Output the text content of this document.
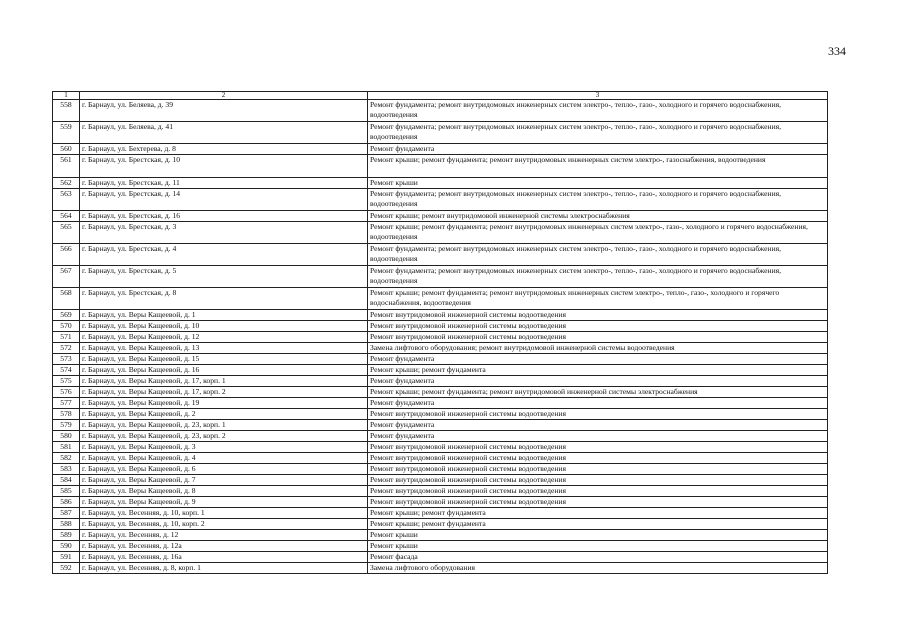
334
1	2	3
558	г. Барнаул, ул. Беляева, д. 39	Ремонт фундамента; ремонт внутридомовых инженерных систем электро-, тепло-, газо-, холодного и горячего водоснабжения, водоотведения
559	г. Барнаул, ул. Беляева, д. 41	Ремонт фундамента; ремонт внутридомовых инженерных систем электро-, тепло-, газо-, холодного и горячего водоснабжения, водоотведения
560	г. Барнаул, ул. Бехтерева, д. 8	Ремонт фундамента
561	г. Барнаул, ул. Брестская, д. 10	Ремонт крыши; ремонт фундамента; ремонт внутридомовых инженерных систем электро-, газоснабжения, водоотведения
562	г. Барнаул, ул. Брестская, д. 11	Ремонт крыши
563	г. Барнаул, ул. Брестская, д. 14	Ремонт фундамента; ремонт внутридомовых инженерных систем электро-, тепло-, газо-, холодного и горячего водоснабжения, водоотведения
564	г. Барнаул, ул. Брестская, д. 16	Ремонт крыши; ремонт внутридомовой инженерной системы электроснабжения
565	г. Барнаул, ул. Брестская, д. 3	Ремонт крыши; ремонт фундамента; ремонт внутридомовых инженерных систем электро-, газо-, холодного и горячего водоснабжения, водоотведения
566	г. Барнаул, ул. Брестская, д. 4	Ремонт фундамента; ремонт внутридомовых инженерных систем электро-, тепло-, газо-, холодного и горячего водоснабжения, водоотведения
567	г. Барнаул, ул. Брестская, д. 5	Ремонт фундамента; ремонт внутридомовых инженерных систем электро-, тепло-, газо-, холодного и горячего водоснабжения, водоотведения
568	г. Барнаул, ул. Брестская, д. 8	Ремонт крыши; ремонт фундамента; ремонт внутридомовых инженерных систем электро-, тепло-, газо-, холодного и горячего водоснабжения, водоотведения
569	г. Барнаул, ул. Веры Кащеевой, д. 1	Ремонт внутридомовой инженерной системы водоотведения
570	г. Барнаул, ул. Веры Кащеевой, д. 10	Ремонт внутридомовой инженерной системы водоотведения
571	г. Барнаул, ул. Веры Кащеевой, д. 12	Ремонт внутридомовой инженерной системы водоотведения
572	г. Барнаул, ул. Веры Кащеевой, д. 13	Замена лифтового оборудования; ремонт внутридомовой инженерной системы водоотведения
573	г. Барнаул, ул. Веры Кащеевой, д. 15	Ремонт фундамента
574	г. Барнаул, ул. Веры Кащеевой, д. 16	Ремонт крыши; ремонт фундамента
575	г. Барнаул, ул. Веры Кащеевой, д. 17, корп. 1	Ремонт фундамента
576	г. Барнаул, ул. Веры Кащеевой, д. 17, корп. 2	Ремонт крыши; ремонт фундамента; ремонт внутридомовой инженерной системы электроснабжения
577	г. Барнаул, ул. Веры Кащеевой, д. 19	Ремонт фундамента
578	г. Барнаул, ул. Веры Кащеевой, д. 2	Ремонт внутридомовой инженерной системы водоотведения
579	г. Барнаул, ул. Веры Кащеевой, д. 23, корп. 1	Ремонт фундамента
580	г. Барнаул, ул. Веры Кащеевой, д. 23, корп. 2	Ремонт фундамента
581	г. Барнаул, ул. Веры Кащеевой, д. 3	Ремонт внутридомовой инженерной системы водоотведения
582	г. Барнаул, ул. Веры Кащеевой, д. 4	Ремонт внутридомовой инженерной системы водоотведения
583	г. Барнаул, ул. Веры Кащеевой, д. 6	Ремонт внутридомовой инженерной системы водоотведения
584	г. Барнаул, ул. Веры Кащеевой, д. 7	Ремонт внутридомовой инженерной системы водоотведения
585	г. Барнаул, ул. Веры Кащеевой, д. 8	Ремонт внутридомовой инженерной системы водоотведения
586	г. Барнаул, ул. Веры Кащеевой, д. 9	Ремонт внутридомовой инженерной системы водоотведения
587	г. Барнаул, ул. Весенняя, д. 10, корп. 1	Ремонт крыши; ремонт фундамента
588	г. Барнаул, ул. Весенняя, д. 10, корп. 2	Ремонт крыши; ремонт фундамента
589	г. Барнаул, ул. Весенняя, д. 12	Ремонт крыши
590	г. Барнаул, ул. Весенняя, д. 12а	Ремонт крыши
591	г. Барнаул, ул. Весенняя, д. 16а	Ремонт фасада
592	г. Барнаул, ул. Весенняя, д. 8, корп. 1	Замена лифтового оборудования
